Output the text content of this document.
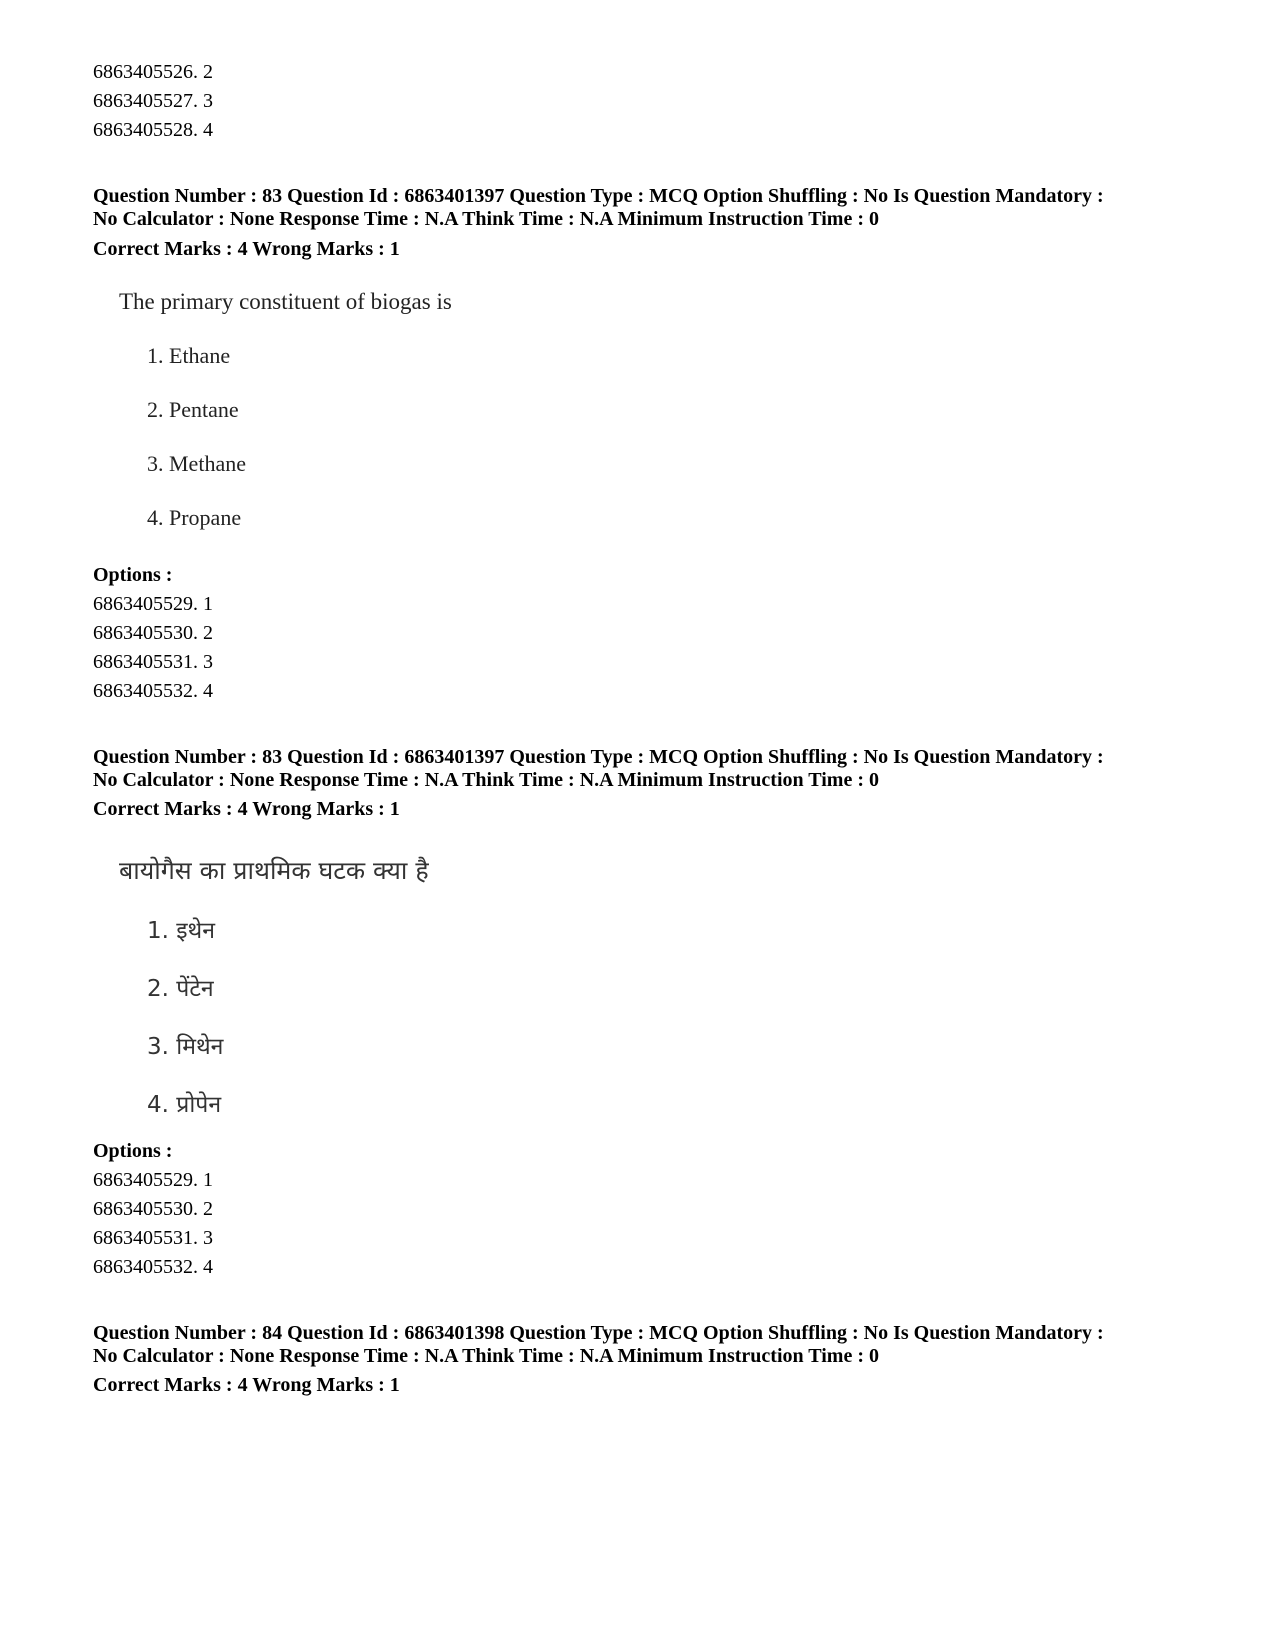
6863405526. 2
6863405527. 3
6863405528. 4
Question Number : 83 Question Id : 6863401397 Question Type : MCQ Option Shuffling : No Is Question Mandatory :
No Calculator : None Response Time : N.A Think Time : N.A Minimum Instruction Time : 0
Correct Marks : 4 Wrong Marks : 1
The primary constituent of biogas is
1. Ethane
2. Pentane
3. Methane
4. Propane
Options :
6863405529. 1
6863405530. 2
6863405531. 3
6863405532. 4
Question Number : 83 Question Id : 6863401397 Question Type : MCQ Option Shuffling : No Is Question Mandatory :
No Calculator : None Response Time : N.A Think Time : N.A Minimum Instruction Time : 0
Correct Marks : 4 Wrong Marks : 1
बायोगैस का प्राथमिक घटक क्या है
1. इथेन
2. पेंटेन
3. मिथेन
4. प्रोपेन
Options :
6863405529. 1
6863405530. 2
6863405531. 3
6863405532. 4
Question Number : 84 Question Id : 6863401398 Question Type : MCQ Option Shuffling : No Is Question Mandatory :
No Calculator : None Response Time : N.A Think Time : N.A Minimum Instruction Time : 0
Correct Marks : 4 Wrong Marks : 1
